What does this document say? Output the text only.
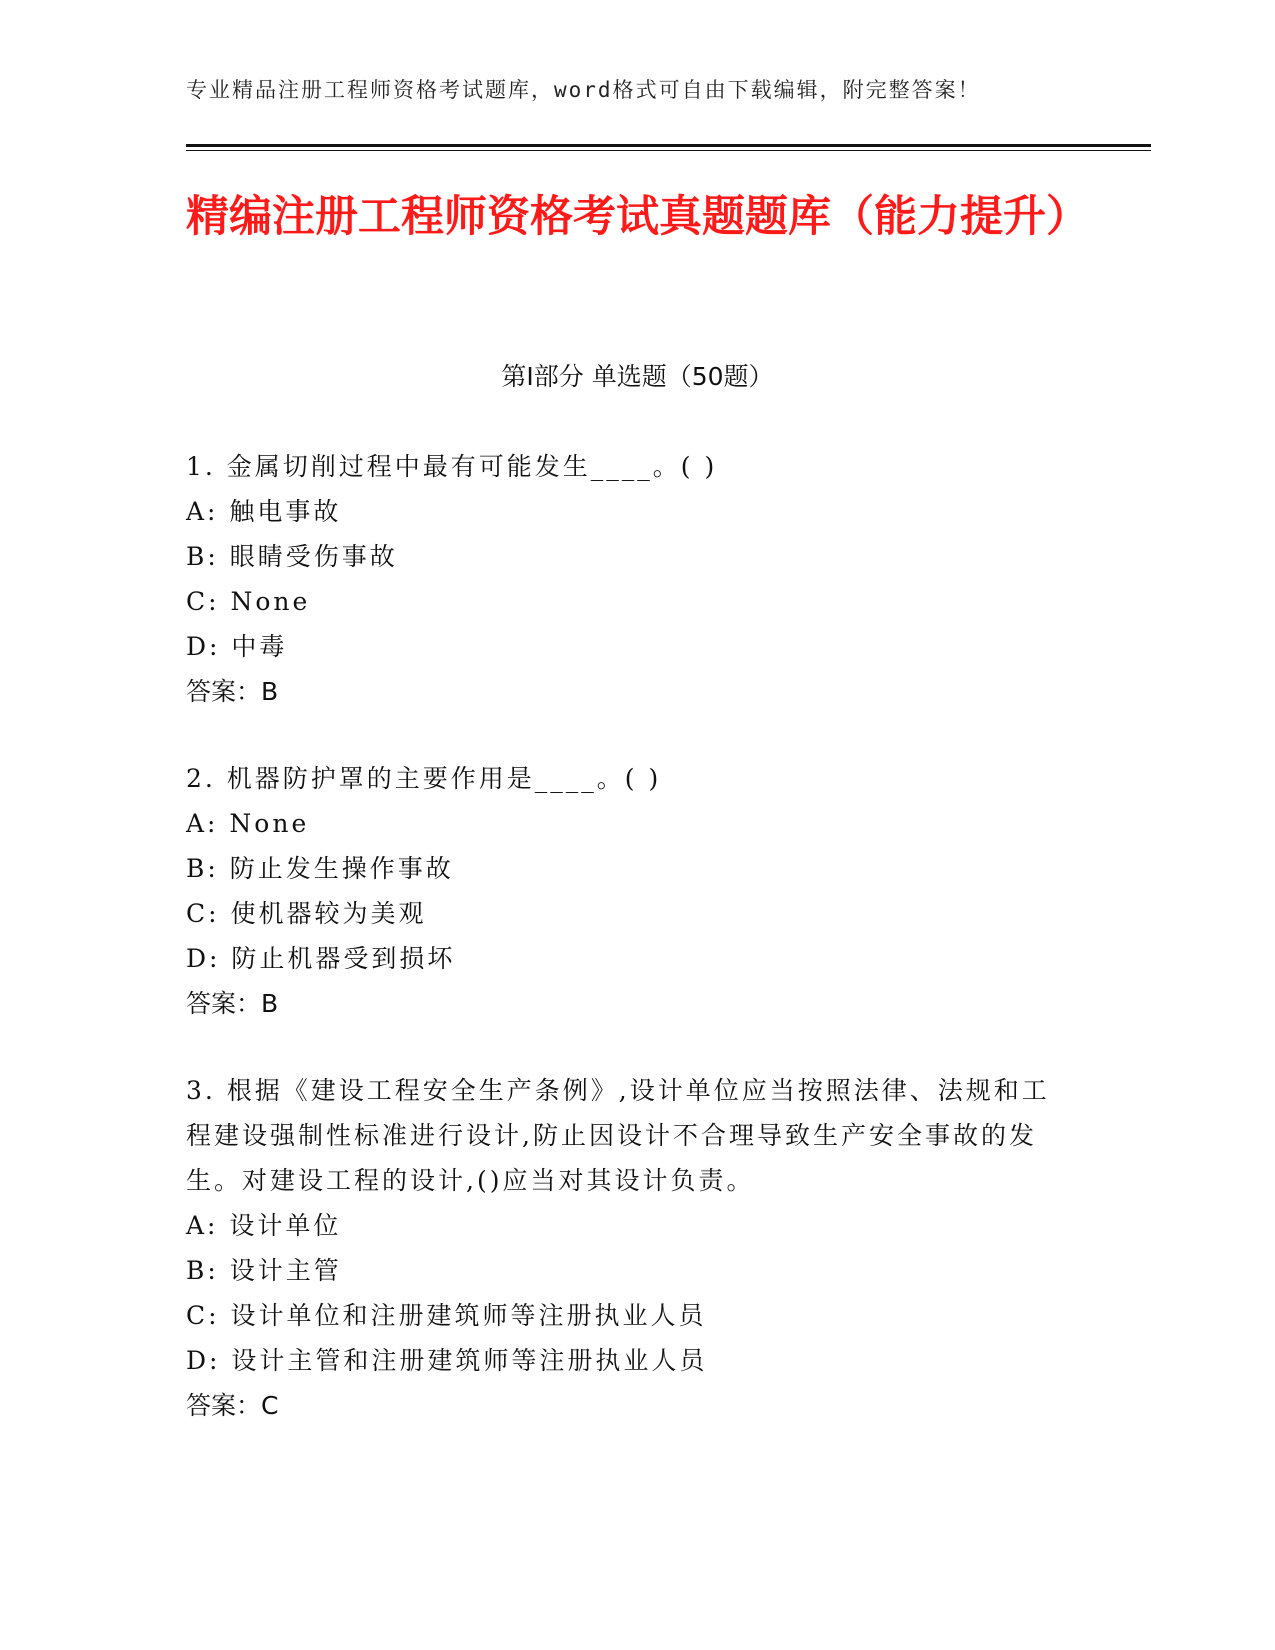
专业精品注册工程师资格考试题库，word格式可自由下载编辑，附完整答案！
精编注册工程师资格考试真题题库（能力提升）
第I部分 单选题（50题）
1. 金属切削过程中最有可能发生____。( )
A: 触电事故
B: 眼睛受伤事故
C: None
D: 中毒
答案：B
2. 机器防护罩的主要作用是____。( )
A: None
B: 防止发生操作事故
C: 使机器较为美观
D: 防止机器受到损坏
答案：B
3. 根据《建设工程安全生产条例》,设计单位应当按照法律、法规和工程建设强制性标准进行设计,防止因设计不合理导致生产安全事故的发生。对建设工程的设计,()应当对其设计负责。
A: 设计单位
B: 设计主管
C: 设计单位和注册建筑师等注册执业人员
D: 设计主管和注册建筑师等注册执业人员
答案：C
